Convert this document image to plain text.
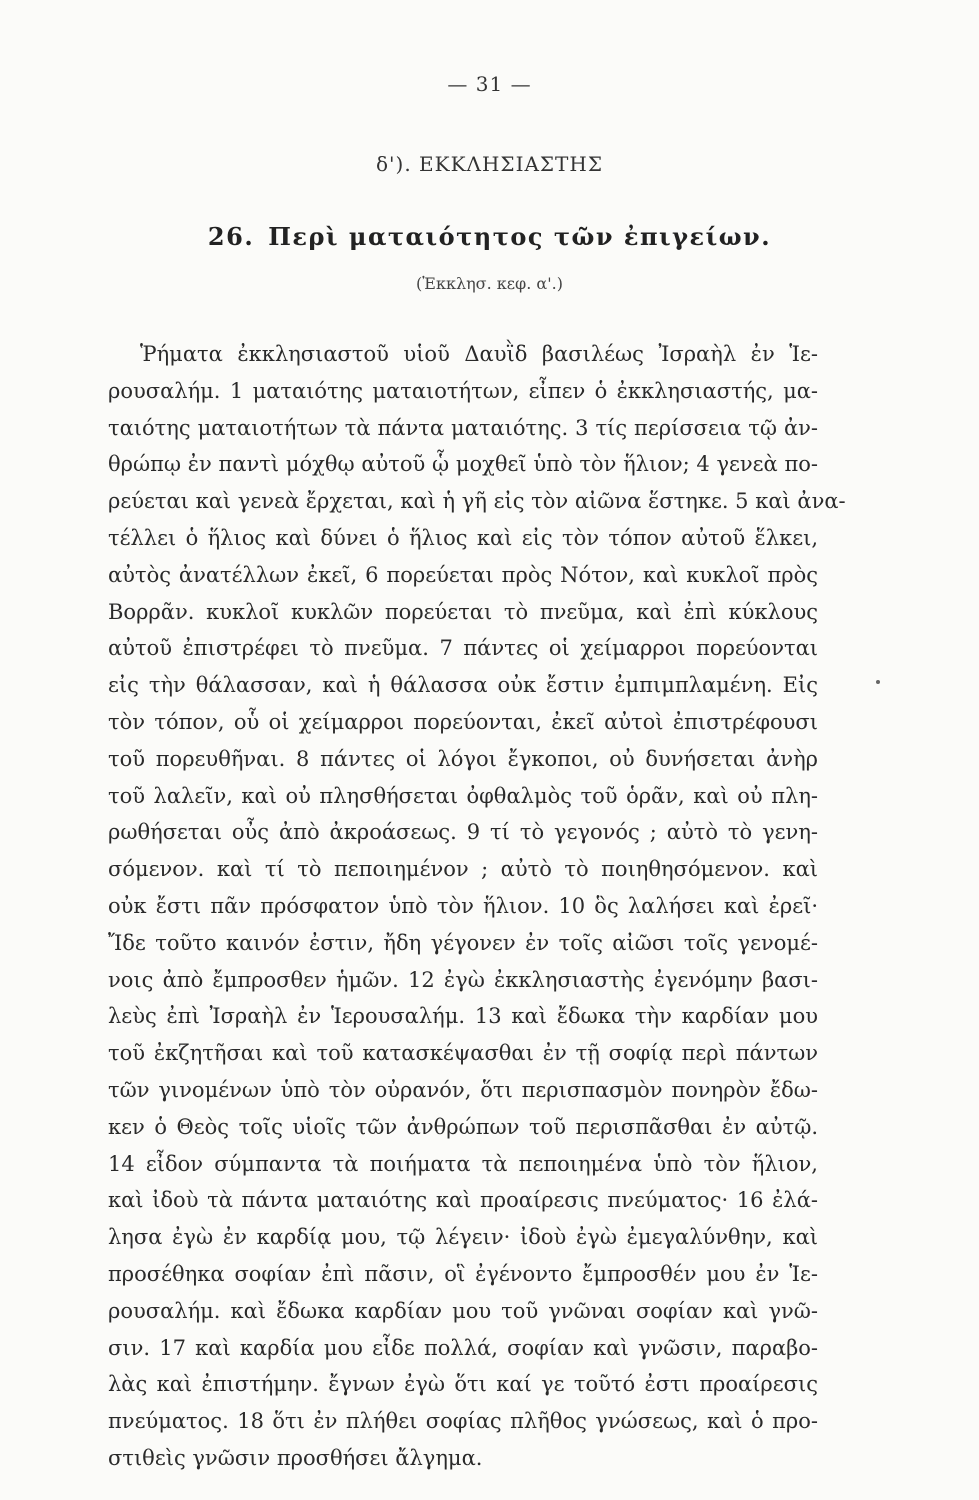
— 31 —
δ'). ΕΚΚΛΗΣΙΑΣΤΗΣ
26. Περὶ ματαιότητος τῶν ἐπιγείων.
(Ἐκκλησ. κεφ. α'.)
Ῥήματα ἐκκλησιαστοῦ υἱοῦ Δαυῒδ βασιλέως Ἰσραὴλ ἐν Ἱε-
ρουσαλήμ. 1 ματαιότης ματαιοτήτων, εἶπεν ὁ ἐκκλησιαστής, μα-
ταιότης ματαιοτήτων τὰ πάντα ματαιότης. 3 τίς περίσσεια τῷ ἀν-
θρώπῳ ἐν παντὶ μόχθῳ αὐτοῦ ᾧ μοχθεῖ ὑπὸ τὸν ἥλιον; 4 γενεὰ πο-
ρεύεται καὶ γενεὰ ἔρχεται, καὶ ἡ γῆ εἰς τὸν αἰῶνα ἕστηκε. 5 καὶ ἀνα-
τέλλει ὁ ἥλιος καὶ δύνει ὁ ἥλιος καὶ εἰς τὸν τόπον αὐτοῦ ἕλκει,
αὐτὸς ἀνατέλλων ἐκεῖ, 6 πορεύεται πρὸς Νότον, καὶ κυκλοῖ πρὸς
Βορρᾶν. κυκλοῖ κυκλῶν πορεύεται τὸ πνεῦμα, καὶ ἐπὶ κύκλους
αὐτοῦ ἐπιστρέφει τὸ πνεῦμα. 7 πάντες οἱ χείμαρροι πορεύονται
εἰς τὴν θάλασσαν, καὶ ἡ θάλασσα οὐκ ἔστιν ἐμπιμπλαμένη. Εἰς
τὸν τόπον, οὗ οἱ χείμαρροι πορεύονται, ἐκεῖ αὐτοὶ ἐπιστρέφουσι
τοῦ πορευθῆναι. 8 πάντες οἱ λόγοι ἔγκοποι, οὐ δυνήσεται ἀνὴρ
τοῦ λαλεῖν, καὶ οὐ πλησθήσεται ὀφθαλμὸς τοῦ ὁρᾶν, καὶ οὐ πλη-
ρωθήσεται οὖς ἀπὸ ἀκροάσεως. 9 τί τὸ γεγονός ; αὐτὸ τὸ γενη-
σόμενον. καὶ τί τὸ πεποιημένον ; αὐτὸ τὸ ποιηθησόμενον. καὶ
οὐκ ἔστι πᾶν πρόσφατον ὑπὸ τὸν ἥλιον. 10 ὃς λαλήσει καὶ ἐρεῖ·
Ἴδε τοῦτο καινόν ἐστιν, ἤδη γέγονεν ἐν τοῖς αἰῶσι τοῖς γενομέ-
νοις ἀπὸ ἔμπροσθεν ἡμῶν. 12 ἐγὼ ἐκκλησιαστὴς ἐγενόμην βασι-
λεὺς ἐπὶ Ἰσραὴλ ἐν Ἱερουσαλήμ. 13 καὶ ἔδωκα τὴν καρδίαν μου
τοῦ ἐκζητῆσαι καὶ τοῦ κατασκέψασθαι ἐν τῇ σοφίᾳ περὶ πάντων
τῶν γινομένων ὑπὸ τὸν οὐρανόν, ὅτι περισπασμὸν πονηρὸν ἔδω-
κεν ὁ Θεὸς τοῖς υἱοῖς τῶν ἀνθρώπων τοῦ περισπᾶσθαι ἐν αὐτῷ.
14 εἶδον σύμπαντα τὰ ποιήματα τὰ πεποιημένα ὑπὸ τὸν ἥλιον,
καὶ ἰδοὺ τὰ πάντα ματαιότης καὶ προαίρεσις πνεύματος· 16 ἐλά-
λησα ἐγὼ ἐν καρδίᾳ μου, τῷ λέγειν· ἰδοὺ ἐγὼ ἐμεγαλύνθην, καὶ
προσέθηκα σοφίαν ἐπὶ πᾶσιν, οἳ ἐγένοντο ἔμπροσθέν μου ἐν Ἱε-
ρουσαλήμ. καὶ ἔδωκα καρδίαν μου τοῦ γνῶναι σοφίαν καὶ γνῶ-
σιν. 17 καὶ καρδία μου εἶδε πολλά, σοφίαν καὶ γνῶσιν, παραβο-
λὰς καὶ ἐπιστήμην. ἔγνων ἐγὼ ὅτι καί γε τοῦτό ἐστι προαίρεσις
πνεύματος. 18 ὅτι ἐν πλήθει σοφίας πλῆθος γνώσεως, καὶ ὁ προ-
στιθεὶς γνῶσιν προσθήσει ἄλγημα.
